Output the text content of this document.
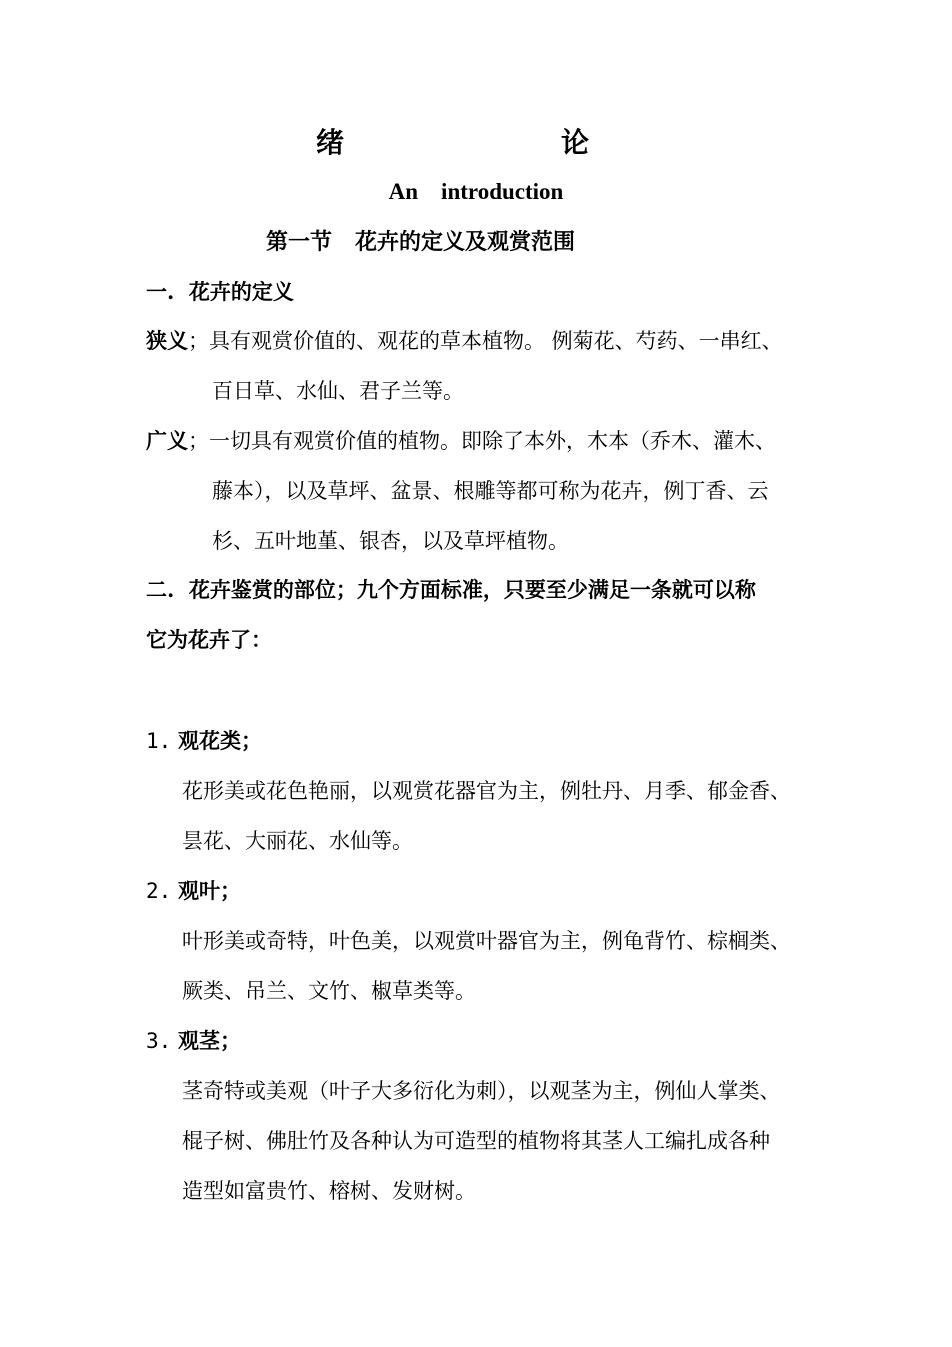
绪	论
An    introduction
第一节   花卉的定义及观赏范围
一.  花卉的定义
狭义；具有观赏价值的、观花的草本植物。 例菊花、芍药、一串红、
百日草、水仙、君子兰等。
广义；一切具有观赏价值的植物。即除了本外，木本（乔木、灌木、
藤本），以及草坪、盆景、根雕等都可称为花卉，例丁香、云
杉、五叶地堇、银杏，以及草坪植物。
二.  花卉鉴赏的部位；九个方面标准，只要至少满足一条就可以称
它为花卉了：
1. 观花类；
花形美或花色艳丽，以观赏花器官为主，例牡丹、月季、郁金香、
昙花、大丽花、水仙等。
2. 观叶；
叶形美或奇特，叶色美，以观赏叶器官为主，例龟背竹、棕榈类、
厥类、吊兰、文竹、椒草类等。
3. 观茎；
茎奇特或美观（叶子大多衍化为刺），以观茎为主，例仙人掌类、
棍子树、佛肚竹及各种认为可造型的植物将其茎人工编扎成各种
造型如富贵竹、榕树、发财树。
